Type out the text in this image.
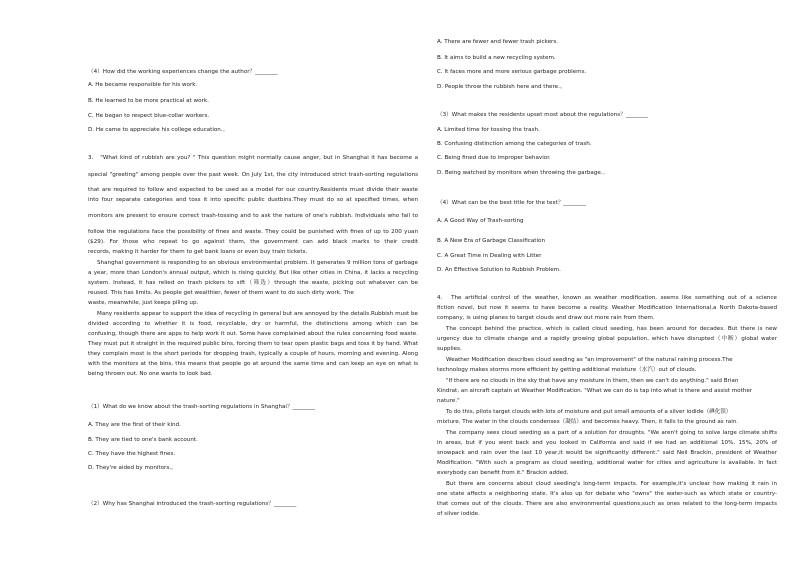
（4）How did the working experiences change the author？________
A. He became responsible for his work.
B. He learned to be more practical at work.
C. He began to respect blue-collar workers.
D. He came to appreciate his college education.。
3.　"What kind of rubbish are you? " This question might normally cause anger, but in Shanghai it has become a
special "greeting" among people over the past week. On July 1st, the city introduced strict trash-sorting regulations
that are required to follow and expected to be used as a model for our country.Residents must divide their waste
into four separate categories and toss it into specific public dustbins.They must do so at specified times, when
monitors are present to ensure correct trash-tossing and to ask the nature of one's rubbish. Individuals who fail to
follow the regulations face the possibility of fines and waste. They could be punished with fines of up to 200 yuan
($29). For those who repeat to go against them, the government can add black marks to their credit
records, making it harder for them to get bank loans or even buy train tickets.
Shanghai government is responding to an obvious environmental problem. It generates 9 million tons of garbage
a year, more than London's annual output, which is rising quickly. But like other cities in China, it lacks a recycling
system. Instead, it has relied on trash pickers to sift（筛选）through the waste, picking out whatever can be
reused. This has limits. As people get wealthier, fewer of them want to do such dirty work. The
waste, meanwhile, just keeps piling up.
Many residents appear to support the idea of recycling in general but are annoyed by the details.Rubbish must be
divided according to whether it is food, recyclable, dry or harmful, the distinctions among which can be
confusing, though there are apps to help work it out. Some have complained about the rules concerning food waste.
They must put it straight in the required public bins, forcing them to tear open plastic bags and toss it by hand. What
they complain most is the short periods for dropping trash, typically a couple of hours, morning and evening. Along
with the monitors at the bins, this means that people go at around the same time and can keep an eye on what is
being thrown out. No one wants to look bad.
（1）What do we know about the trash-sorting regulations in Shanghai？________
A. They are the first of their kind.
B. They are tied to one's bank account.
C. They have the highest fines.
D. They're aided by monitors.。
（2）Why has Shanghai introduced the trash-sorting regulations？________
A. There are fewer and fewer trash pickers.
B. It aims to build a new recycling system.
C. It faces more and more serious garbage problems.
D. People throw the rubbish here and there.。
（3）What makes the residents upset most about the regulations？________
A. Limited time for tossing the trash.
B. Confusing distinction among the categories of trash.
C. Being fined due to improper behavior.
D. Being watched by monitors when throwing the garbage.。
（4）What can be the best title for the text？________
A. A Good Way of Trash-sorting
B. A New Era of Garbage Classification
C. A Great Time in Dealing with Litter
D. An Effective Solution to Rubbish Problem.
4.　The artificial control of the weather, known as weather modification, seems like something out of a science
fiction novel, but now it seems to have become a reality. Weather Modification International,a North Dakota-based
company, is using planes to target clouds and draw out more rain from them.
The concept behind the practice, which is called cloud seeding, has been around for decades. But there is new
urgency due to climate change and a rapidly growing global population, which have disrupted（中断）global water
supplies.
Weather Modification describes cloud seeding as "an improvement" of the natural raining process.The
technology makes storms more efficient by getting additional moisture（水汽）out of clouds.
"If there are no clouds in the sky that have any moisture in them, then we can't do anything." said Brian
Kindrat, an aircraft captain at Weather Modification. "What we can do is tap into what is there and assist mother
nature."
To do this, pilots target clouds with lots of moisture and put small amounts of a silver iodide（碘化银）
mixture. The water in the clouds condenses（凝结）and becomes heavy. Then, it falls to the ground as rain.
The company sees cloud seeding as a part of a solution for droughts. "We aren't going to solve large climate shifts
in areas, but if you went back and you looked in California and said if we had an additional 10%, 15%, 20% of
snowpack and rain over the last 10 year,it would be significantly different." said Neil Brackin, president of Weather
Modification. "With such a program as cloud seeding, additional water for cities and agriculture is available. In fact
everybody can benefit from it." Brackin added.
But there are concerns about cloud seeding's long-term impacts. For example,it's unclear how making it rain in
one state affects a neighboring state. It's also up for debate who "owns" the water-such as which state or country-
that comes out of the clouds. There are also environmental questions,such as ones related to the long-term impacts
of silver iodide.
